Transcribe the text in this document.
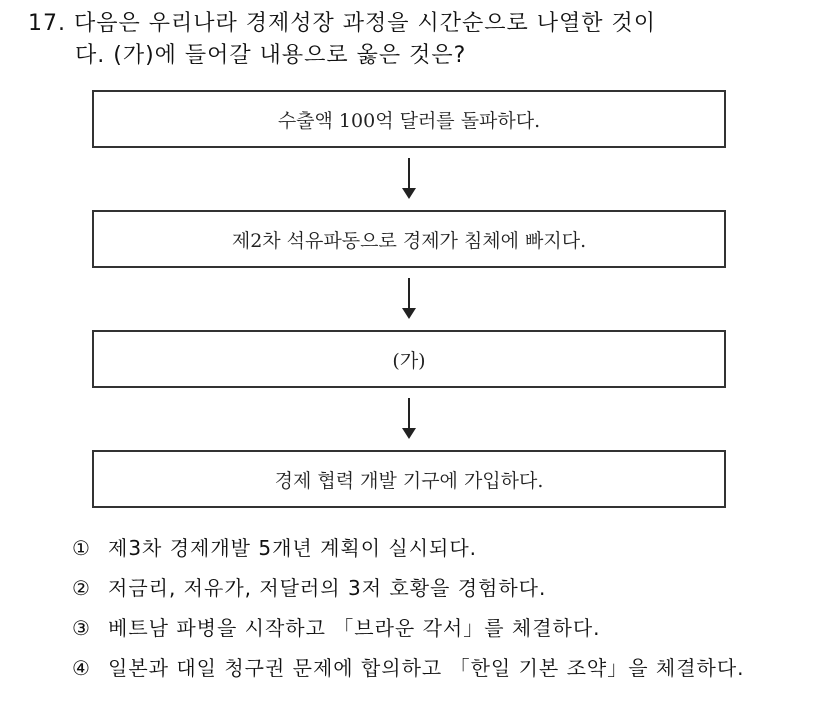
17. 다음은 우리나라 경제성장 과정을 시간순으로 나열한 것이
다. (가)에 들어갈 내용으로 옳은 것은?
수출액 100억 달러를 돌파하다.
제2차 석유파동으로 경제가 침체에 빠지다.
(가)
경제 협력 개발 기구에 가입하다.
① 제3차 경제개발 5개년 계획이 실시되다.
② 저금리, 저유가, 저달러의 3저 호황을 경험하다.
③ 베트남 파병을 시작하고 「브라운 각서」를 체결하다.
④ 일본과 대일 청구권 문제에 합의하고 「한일 기본 조약」을 체결하다.
